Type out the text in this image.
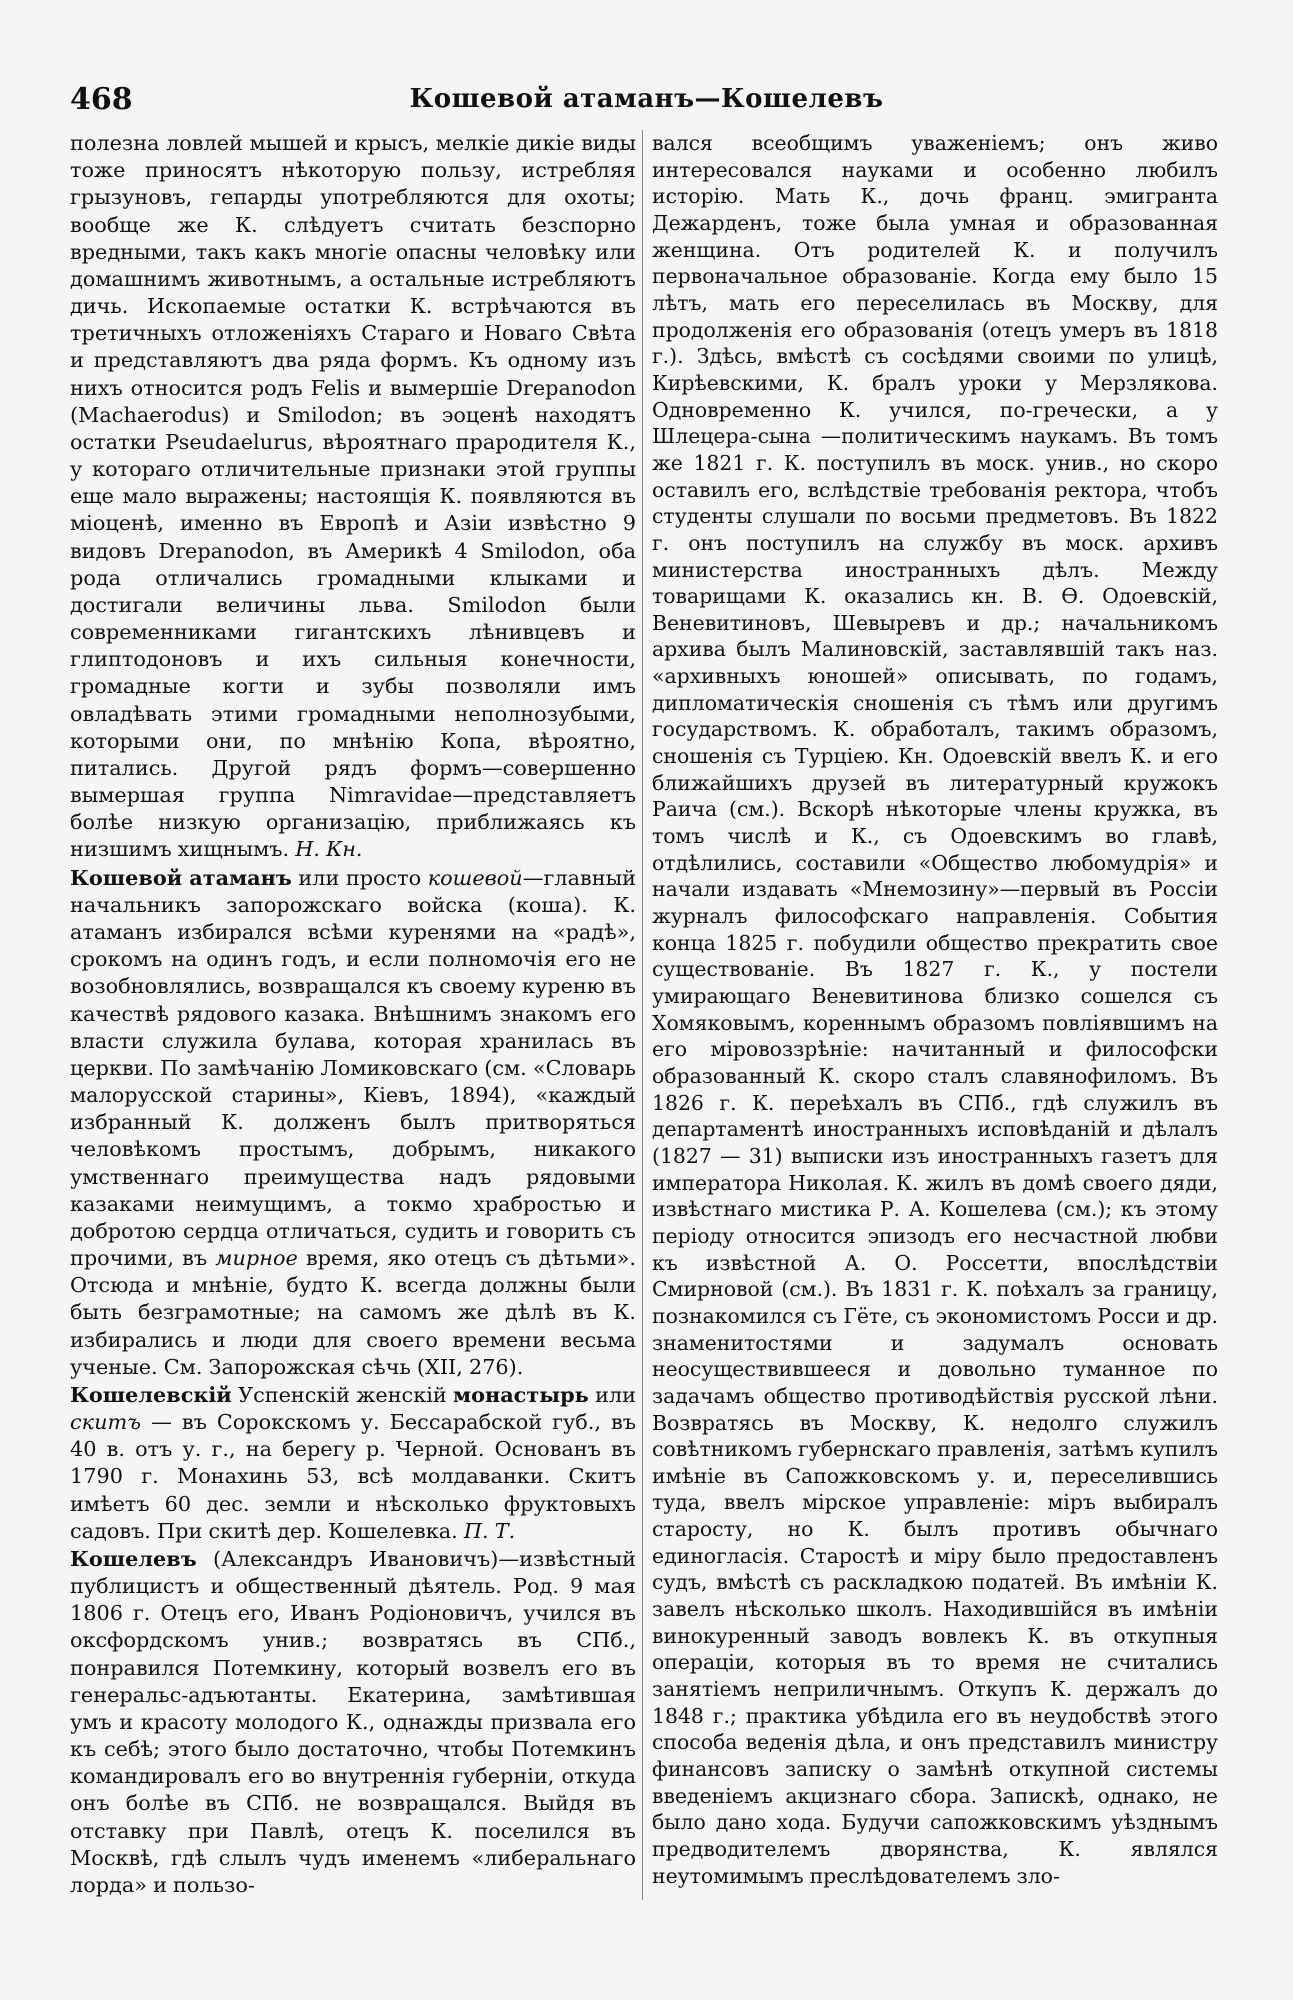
468	Кошевой атаманъ—Кошелевъ
полезна ловлей мышей и крысъ, мелкіе дикіе виды тоже приносятъ нѣкоторую пользу, истребляя грызуновъ, гепарды употребляются для охоты; вообще же К. слѣдуетъ считать безспорно вредными, такъ какъ многіе опасны человѣку или домашнимъ животнымъ, а остальные истребляютъ дичь. Ископаемые остатки К. встрѣчаются въ третичныхъ отложеніяхъ Стараго и Новаго Свѣта и представляютъ два ряда формъ. Къ одному изъ нихъ относится родъ Felis и вымершіе Drepanodon (Machaerodus) и Smilodon; въ эоценѣ находятъ остатки Pseudaelurus, вѣроятнаго прародителя К., у котораго отличительные признаки этой группы еще мало выражены; настоящія К. появляются въ міоценѣ, именно въ Европѣ и Азіи извѣстно 9 видовъ Drepanodon, въ Америкѣ 4 Smilodon, оба рода отличались громадными клыками и достигали величины льва. Smilodon были современниками гигантскихъ лѣнивцевъ и глиптодоновъ и ихъ сильныя конечности, громадные когти и зубы позволяли имъ овладѣвать этими громадными неполнозубыми, которыми они, по мнѣнію Копа, вѣроятно, питались. Другой рядъ формъ—совершенно вымершая группа Nimravidae—представляетъ болѣе низкую организацію, приближаясь къ низшимъ хищнымъ. Н. Кн.
Кошевой атаманъ или просто кошевой—главный начальникъ запорожскаго войска (коша). К. атаманъ избирался всѣми куренями на «радѣ», срокомъ на одинъ годъ, и если полномочія его не возобновлялись, возвращался къ своему куреню въ качествѣ рядового казака. Внѣшнимъ знакомъ его власти служила булава, которая хранилась въ церкви. По замѣчанію Ломиковскаго (см. «Словарь малорусской старины», Кіевъ, 1894), «каждый избранный К. долженъ былъ притворяться человѣкомъ простымъ, добрымъ, никакого умственнаго преимущества надъ рядовыми казаками неимущимъ, а токмо храбростью и добротою сердца отличаться, судить и говорить съ прочими, въ мирное время, яко отецъ съ дѣтьми». Отсюда и мнѣніе, будто К. всегда должны были быть безграмотные; на самомъ же дѣлѣ въ К. избирались и люди для своего времени весьма ученые. См. Запорожская сѣчь (XII, 276).
Кошелевскій Успенскій женскій монастырь или скитъ — въ Сорокскомъ у. Бессарабской губ., въ 40 в. отъ у. г., на берегу р. Черной. Основанъ въ 1790 г. Монахинь 53, всѣ молдаванки. Скитъ имѣетъ 60 дес. земли и нѣсколько фруктовыхъ садовъ. При скитѣ дер. Кошелевка. П. Т.
Кошелевъ (Александръ Ивановичъ)—извѣстный публицистъ и общественный дѣятель. Род. 9 мая 1806 г. Отецъ его, Иванъ Родіоновичъ, учился въ оксфордскомъ унив.; возвратясь въ СПб., понравился Потемкину, который возвелъ его въ генеральс-адъютанты. Екатерина, замѣтившая умъ и красоту молодого К., однажды призвала его къ себѣ; этого было достаточно, чтобы Потемкинъ командировалъ его во внутреннія губерніи, откуда онъ болѣе въ СПб. не возвращался. Выйдя въ отставку при Павлѣ, отецъ К. поселился въ Москвѣ, гдѣ слылъ чудъ именемъ «либеральнаго лорда» и пользо-
вался всеобщимъ уваженіемъ; онъ живо интересовался науками и особенно любилъ исторію. Мать К., дочь франц. эмигранта Дежарденъ, тоже была умная и образованная женщина. Отъ родителей К. и получилъ первоначальное образованіе. Когда ему было 15 лѣтъ, мать его переселилась въ Москву, для продолженія его образованія (отецъ умеръ въ 1818 г.). Здѣсь, вмѣстѣ съ сосѣдями своими по улицѣ, Кирѣевскими, К. бралъ уроки у Мерзлякова. Одновременно К. учился, по-гречески, а у Шлецера-сына —политическимъ наукамъ. Въ томъ же 1821 г. К. поступилъ въ моск. унив., но скоро оставилъ его, вслѣдствіе требованія ректора, чтобъ студенты слушали по восьми предметовъ. Въ 1822 г. онъ поступилъ на службу въ моск. архивъ министерства иностранныхъ дѣлъ. Между товарищами К. оказались кн. В. Ѳ. Одоевскій, Веневитиновъ, Шевыревъ и др.; начальникомъ архива былъ Малиновскій, заставлявшій такъ наз. «архивныхъ юношей» описывать, по годамъ, дипломатическія сношенія съ тѣмъ или другимъ государствомъ. К. обработалъ, такимъ образомъ, сношенія съ Турціею. Кн. Одоевскій ввелъ К. и его ближайшихъ друзей въ литературный кружокъ Раича (см.). Вскорѣ нѣкоторые члены кружка, въ томъ числѣ и К., съ Одоевскимъ во главѣ, отдѣлились, составили «Общество любомудрія» и начали издавать «Мнемозину»—первый въ Россіи журналъ философскаго направленія. События конца 1825 г. побудили общество прекратить свое существованіе. Въ 1827 г. К., у постели умирающаго Веневитинова близко сошелся съ Хомяковымъ, кореннымъ образомъ повліявшимъ на его міровоззрѣніе: начитанный и философски образованный К. скоро сталъ славянофиломъ. Въ 1826 г. К. переѣхалъ въ СПб., гдѣ служилъ въ департаментѣ иностранныхъ исповѣданій и дѣлалъ (1827 — 31) выписки изъ иностранныхъ газетъ для императора Николая. К. жилъ въ домѣ своего дяди, извѣстнаго мистика Р. А. Кошелева (см.); къ этому періоду относится эпизодъ его несчастной любви къ извѣстной А. О. Россетти, впослѣдствіи Смирновой (см.). Въ 1831 г. К. поѣхалъ за границу, познакомился съ Гёте, съ экономистомъ Росси и др. знаменитостями и задумалъ основать неосуществившееся и довольно туманное по задачамъ общество противодѣйствія русской лѣни. Возвратясь въ Москву, К. недолго служилъ совѣтникомъ губернскаго правленія, затѣмъ купилъ имѣніе въ Сапожковскомъ у. и, переселившись туда, ввелъ мірское управленіе: міръ выбиралъ старосту, но К. былъ противъ обычнаго единогласія. Старостѣ и міру было предоставленъ судъ, вмѣстѣ съ раскладкою податей. Въ имѣніи К. завелъ нѣсколько школъ. Находившійся въ имѣніи винокуренный заводъ вовлекъ К. въ откупныя операціи, которыя въ то время не считались занятіемъ неприличнымъ. Откупъ К. держалъ до 1848 г.; практика убѣдила его въ неудобствѣ этого способа веденія дѣла, и онъ представилъ министру финансовъ записку о замѣнѣ откупной системы введеніемъ акцизнаго сбора. Запискѣ, однако, не было дано хода. Будучи сапожковскимъ уѣзднымъ предводителемъ дворянства, К. являлся неутомимымъ преслѣдователемъ зло-
